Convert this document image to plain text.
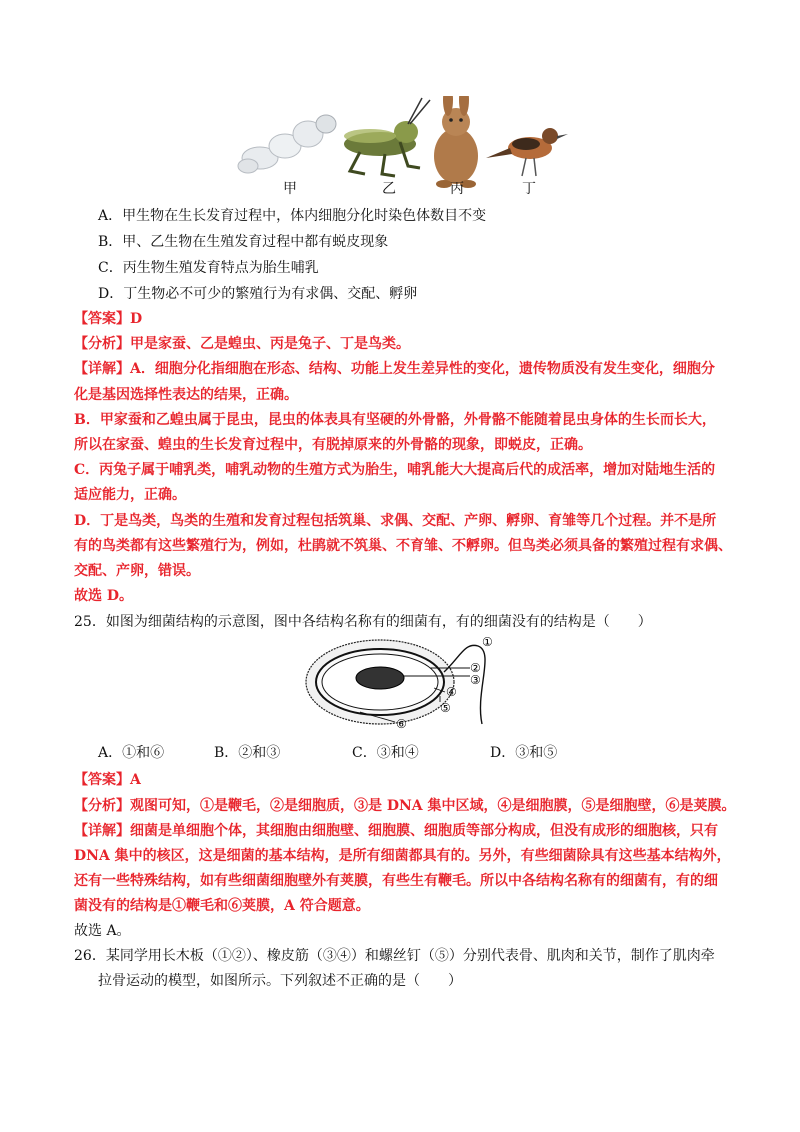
甲	乙	丙	丁
A．甲生物在生长发育过程中，体内细胞分化时染色体数目不变
B．甲、乙生物在生殖发育过程中都有蜕皮现象
C．丙生物生殖发育特点为胎生哺乳
D．丁生物必不可少的繁殖行为有求偶、交配、孵卵
【答案】D
【分析】甲是家蚕、乙是蝗虫、丙是兔子、丁是鸟类。
【详解】A．细胞分化指细胞在形态、结构、功能上发生差异性的变化，遗传物质没有发生变化，细胞分
化是基因选择性表达的结果，正确。
B．甲家蚕和乙蝗虫属于昆虫，昆虫的体表具有坚硬的外骨骼，外骨骼不能随着昆虫身体的生长而长大，
所以在家蚕、蝗虫的生长发育过程中，有脱掉原来的外骨骼的现象，即蜕皮，正确。
C．丙兔子属于哺乳类，哺乳动物的生殖方式为胎生，哺乳能大大提高后代的成活率，增加对陆地生活的
适应能力，正确。
D．丁是鸟类，鸟类的生殖和发育过程包括筑巢、求偶、交配、产卵、孵卵、育雏等几个过程。并不是所
有的鸟类都有这些繁殖行为，例如，杜鹃就不筑巢、不育雏、不孵卵。但鸟类必须具备的繁殖过程有求偶、
交配、产卵，错误。
故选 D。
25．如图为细菌结构的示意图，图中各结构名称有的细菌有，有的细菌没有的结构是（　　）
①
②
③
④
⑤
⑥
A．①和⑥	B．②和③	C．③和④	D．③和⑤
【答案】A
【分析】观图可知，①是鞭毛，②是细胞质，③是 DNA 集中区域，④是细胞膜，⑤是细胞壁，⑥是荚膜。
【详解】细菌是单细胞个体，其细胞由细胞壁、细胞膜、细胞质等部分构成，但没有成形的细胞核，只有
DNA 集中的核区，这是细菌的基本结构，是所有细菌都具有的。另外，有些细菌除具有这些基本结构外，
还有一些特殊结构，如有些细菌细胞壁外有荚膜，有些生有鞭毛。所以中各结构名称有的细菌有，有的细
菌没有的结构是①鞭毛和⑥荚膜，A 符合题意。
故选 A。
26．某同学用长木板（①②）、橡皮筋（③④）和螺丝钉（⑤）分别代表骨、肌肉和关节，制作了肌肉牵
拉骨运动的模型，如图所示。下列叙述不正确的是（　　）
